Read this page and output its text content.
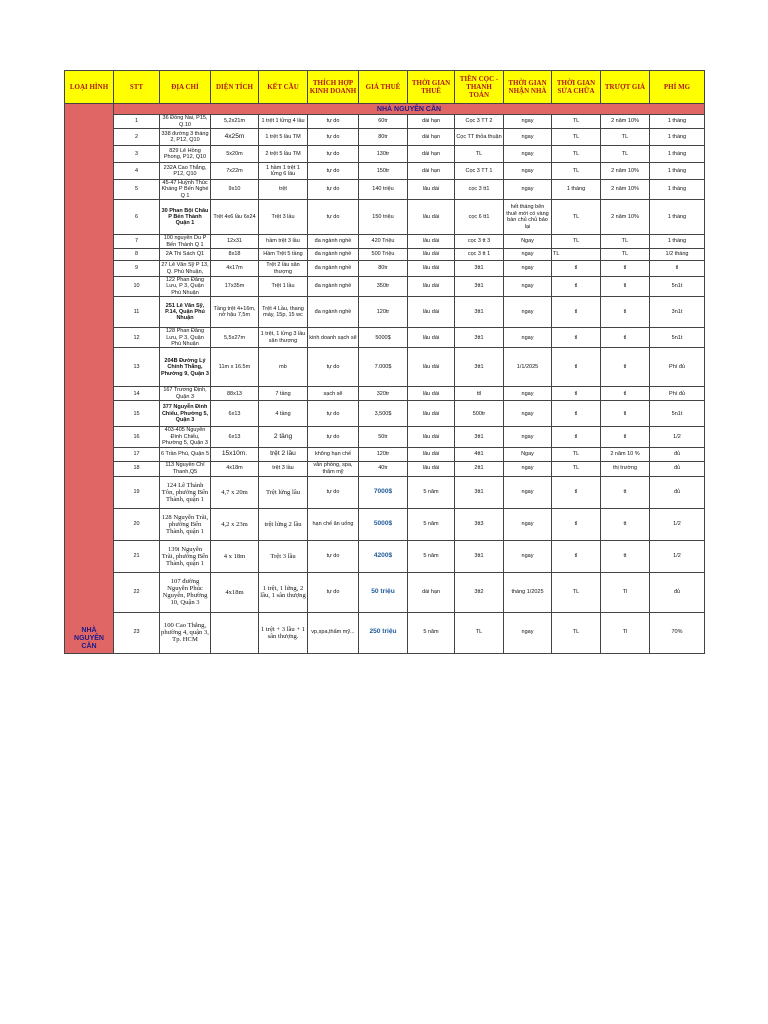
LOẠI HÌNH	STT	ĐỊA CHỈ	DIỆN TÍCH	KẾT CẦU	THÍCH HỢP KINH DOANH	GIÁ THUÊ	THỜI GIAN THUÊ	TIỀN CỌC - THANH TOÁN	THỜI GIAN NHẬN NHÀ	THỜI GIAN SỬA CHỮA	TRƯỢT GIÁ	PHÍ MG
NHÀ NGUYÊN CĂN	NHÀ NGUYÊN CĂN											
	1	36 Đồng Nai, P15, Q.10	5,2x21m	1 trệt 1 lửng 4 lầu	tự do	60tr	dài hạn	Cọc 3 TT 2	ngay	TL	2 năm 10%	1 tháng
	2	338 đường 3 tháng 2, P12, Q10	4x25m	1 trệt 5 lầu TM	tự do	80tr	dài hạn	Cọc TT thỏa thuận	ngay	TL	TL	1 tháng
	3	829 Lê Hồng Phong, P12, Q10	5x20m	2 trệt 5 lầu TM	tự do	130tr	dài hạn	TL	ngay	TL	TL	1 tháng
	4	232A Cao Thắng, P12, Q10	7x22m	1 hầm 1 trệt 1 lửng 6 lầu	tự do	150tr	dài hạn	Cọc 3 TT 1	ngay	TL	2 năm 10%	1 tháng
	5	45-47 Huỳnh Thúc Kháng P Bến Nghé Q 1	9x10	trệt	tự do	140 triệu	lâu dài	cọc 3 tt1	ngay	1 tháng	2 năm 10%	1 tháng
	6	30 Phan Bội Châu P Bến Thành Quận 1	Trệt 4x6 lầu 6x24	Trệt 3 lầu	tự do	150 triệu	lâu dài	cọc 6 tt1	hết tháng bên thuê mới có vàng bàn chủ chủ bảo lại	TL	2 năm 10%	1 tháng
	7	100 nguyễn Du P Bến Thành Q 1	12x31	hầm trệt 3 lầu	đa ngành nghề	420 Triệu	lâu dài	cọc 3 tt 3	Ngay	TL	TL	1 tháng
	8	2A Thi Sách Q1	8x18	Hầm Trệt 5 tầng	đa ngành nghề	500 Triệu	lâu dài	cọc 3 tt 1	ngay	TL	TL	1/2 tháng
	9	27 Lê Văn Sỹ P 13, Q. Phú Nhuận,	4x17m	Trệt 2 lầu sân thượng	đa ngành nghề	80tr	lâu dài	3tt1	ngay	tl	tl	tl
	10	122 Phan Đăng Lưu, P 3, Quận Phú Nhuận	17x35m	Trệt 1 lầu	đa ngành nghề	350tr	lâu dài	3tt1	ngay	tl	tl	5n1t
	11	251 Lê Văn Sỹ, P.14, Quận Phú Nhuận	Tầng trệt 4+16m, nở hậu 7,5m	Trệt 4 Lầu, thang máy, 15p, 15 wc	đa ngành nghề	120tr	lâu dài	3tt1	ngay	tl	tl	3n1t
	12	128 Phan Đăng Lưu, P 3, Quận Phú Nhuận	5,5x27m	1 trệt, 1 lửng 3 lầu sân thượng	kinh doanh sạch sẽ	5000$	lâu dài	3tt1	ngay	tl	tl	5n1t
	13	204B Đường Lý Chính Thắng, Phường 9, Quận 3	11m x 16.5m	mb	tự do	7.000$	lâu dài	3tt1	1/1/2025	tl	tl	Phí đủ
	14	167 Trương Định, Quận 3	88x13	7 tầng	sạch sẽ	320tr	lâu dài	ttl	ngay	tl	tl	Phí đủ
	15	377 Nguyễn Đình Chiểu, Phường 5, Quận 3	6x13	4 tầng	tự do	3,500$	lâu dài	500tr	ngay	tl	tl	5n1t
	16	403-405 Nguyễn Đình Chiểu, Phường 5, Quận 3	6x13	2 tầng	tự do	50tr	lâu dài	3tt1	ngay	tl	tl	1/2
	17	6 Trần Phú, Quận 5	15x10m.	trệt 2 lầu	không hạn chế	120tr	lâu dài	4tt1	Ngay	TL	2 năm 10 %	đủ
	18	113 Nguyễn Chí Thanh,Q5	4x18m	trệt 3 lầu	văn phòng, spa, thẩm mỹ	40tr	lâu dài	2tt1	ngay	TL	thị trường	đủ
	19	124 Lê Thánh Tôn, phường Bến Thành, quận 1	4,7 x 20m	Trệt lửng lầu	tự do	7000$	5 năm	3tt1	ngay	tl	tt	đủ
	20	128 Nguyễn Trãi, phường Bến Thành, quận 1	4,2 x 23m	trệt lửng 2 lầu	hạn chế ăn uống	5000$	5 năm	3tt3	ngay	tl	tt	1/2
	21	139i Nguyễn Trãi, phường Bến Thành, quận 1	4 x 18m	Trệt 3 lầu	tự do	4200$	5 năm	3tt1	ngay	tl	tt	1/2
	22	107 đường Nguyễn Phúc Nguyên, Phường 10, Quận 3	4x18m	1 trệt, 1 lửng, 2 lầu, 1 sân thượng	tự do	50 triệu	dài hạn	3tt2	tháng 1/2025	TL	Tl	đủ
	23	100 Cao Thắng, phường 4, quận 3, Tp. HCM		1 trệt + 3 lầu + 1 sân thượng.	vp,spa,thẩm mỹ...	250 triệu	5 năm	TL	ngay	TL	Tl	70%
